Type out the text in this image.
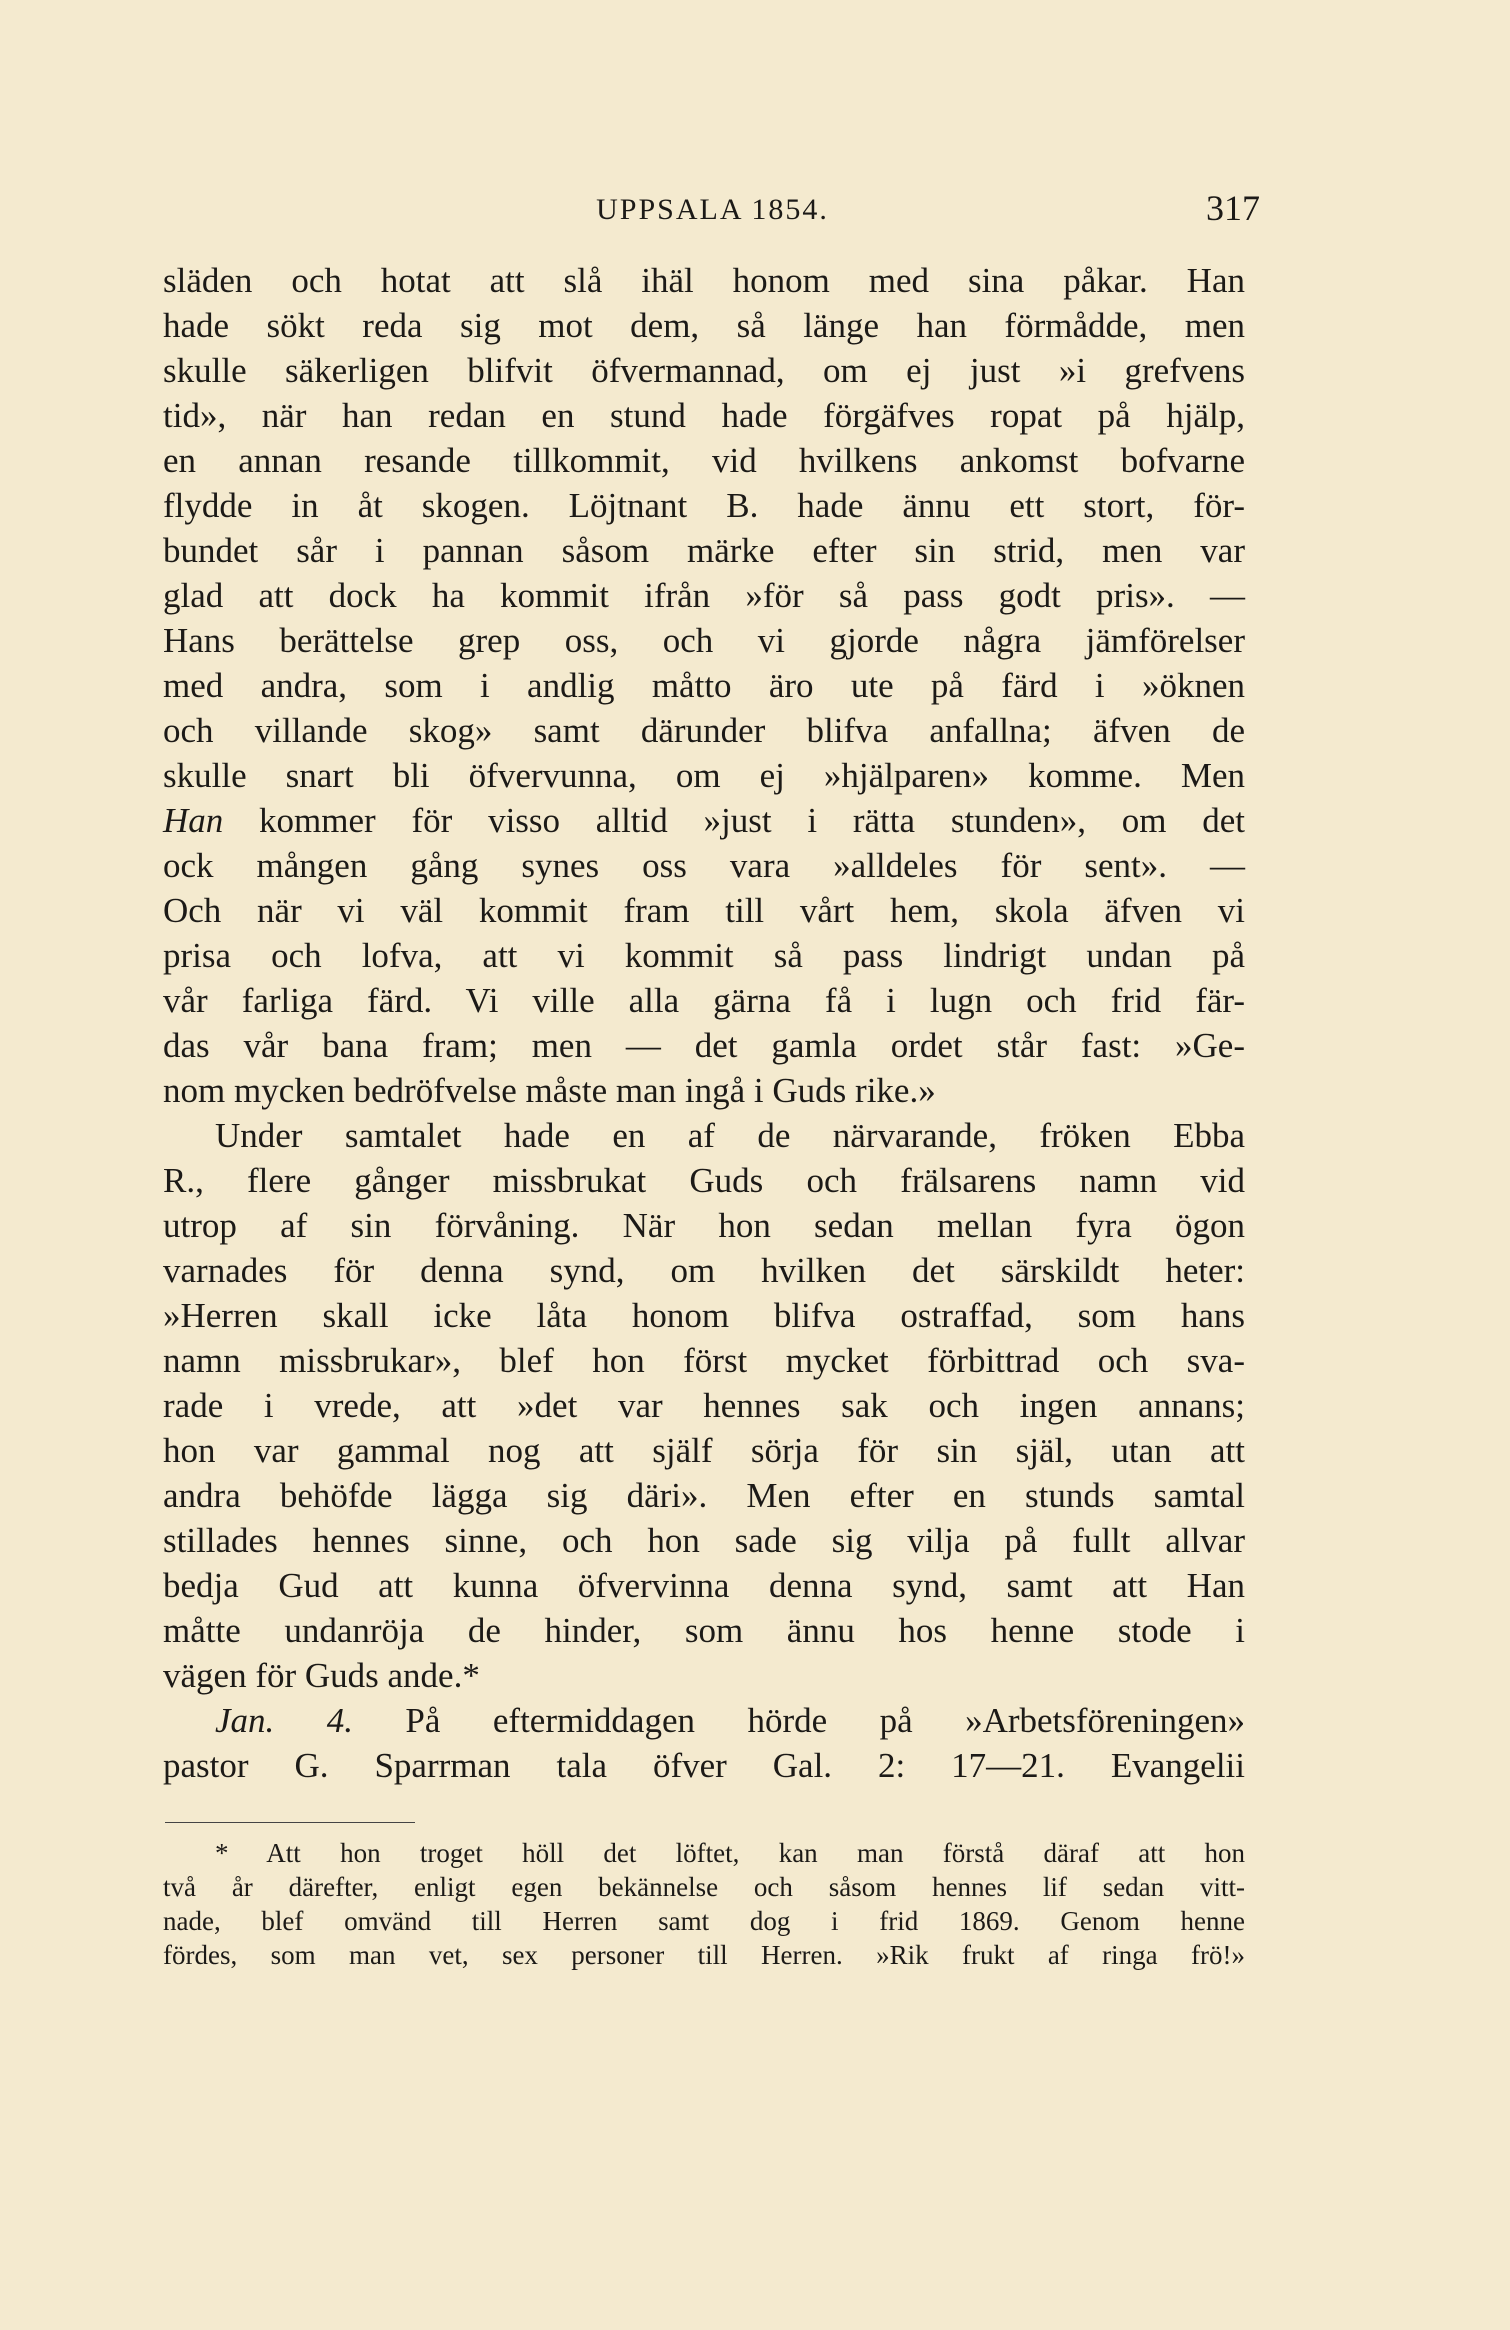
UPPSALA 1854.	317
släden och hotat att slå ihäl honom med sina påkar. Han
hade sökt reda sig mot dem, så länge han förmådde, men
skulle säkerligen blifvit öfvermannad, om ej just »i grefvens
tid», när han redan en stund hade förgäfves ropat på hjälp,
en annan resande tillkommit, vid hvilkens ankomst bofvarne
flydde in åt skogen. Löjtnant B. hade ännu ett stort, för-
bundet sår i pannan såsom märke efter sin strid, men var
glad att dock ha kommit ifrån »för så pass godt pris». —
Hans berättelse grep oss, och vi gjorde några jämförelser
med andra, som i andlig måtto äro ute på färd i »öknen
och villande skog» samt därunder blifva anfallna; äfven de
skulle snart bli öfvervunna, om ej »hjälparen» komme. Men
Han kommer för visso alltid »just i rätta stunden», om det
ock mången gång synes oss vara »alldeles för sent». —
Och när vi väl kommit fram till vårt hem, skola äfven vi
prisa och lofva, att vi kommit så pass lindrigt undan på
vår farliga färd. Vi ville alla gärna få i lugn och frid fär-
das vår bana fram; men — det gamla ordet står fast: »Ge-
nom mycken bedröfvelse måste man ingå i Guds rike.»
Under samtalet hade en af de närvarande, fröken Ebba
R., flere gånger missbrukat Guds och frälsarens namn vid
utrop af sin förvåning. När hon sedan mellan fyra ögon
varnades för denna synd, om hvilken det särskildt heter:
»Herren skall icke låta honom blifva ostraffad, som hans
namn missbrukar», blef hon först mycket förbittrad och sva-
rade i vrede, att »det var hennes sak och ingen annans;
hon var gammal nog att själf sörja för sin själ, utan att
andra behöfde lägga sig däri». Men efter en stunds samtal
stillades hennes sinne, och hon sade sig vilja på fullt allvar
bedja Gud att kunna öfvervinna denna synd, samt att Han
måtte undanröja de hinder, som ännu hos henne stode i
vägen för Guds ande.*
Jan. 4. På eftermiddagen hörde på »Arbetsföreningen»
pastor G. Sparrman tala öfver Gal. 2: 17—21. Evangelii
* Att hon troget höll det löftet, kan man förstå däraf att hon
två år därefter, enligt egen bekännelse och såsom hennes lif sedan vitt-
nade, blef omvänd till Herren samt dog i frid 1869. Genom henne
fördes, som man vet, sex personer till Herren. »Rik frukt af ringa frö!»
